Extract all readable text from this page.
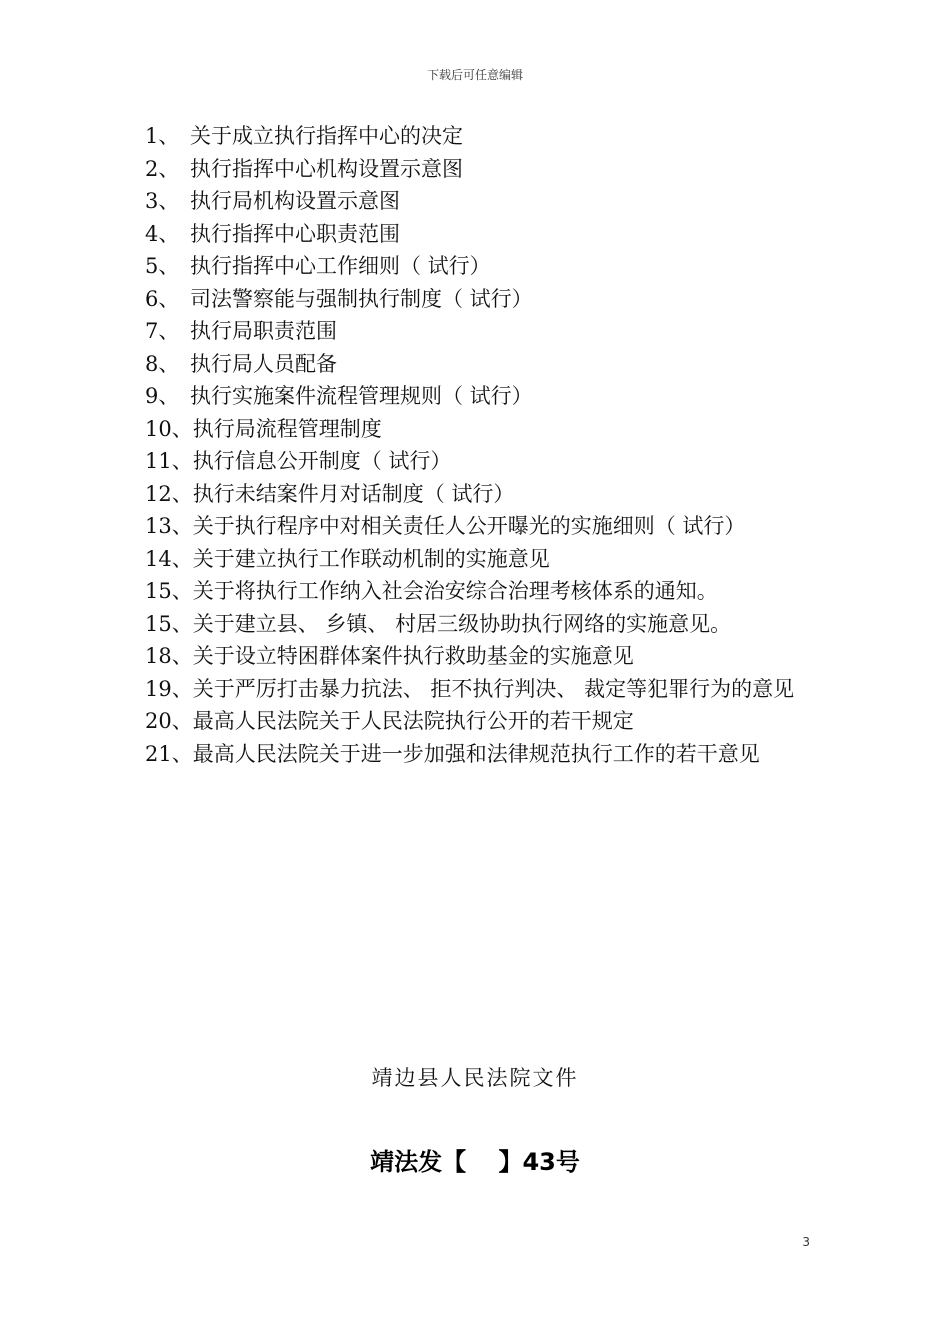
下载后可任意编辑
1、 关于成立执行指挥中心的决定
2、 执行指挥中心机构设置示意图
3、 执行局机构设置示意图
4、 执行指挥中心职责范围
5、 执行指挥中心工作细则（ 试行）
6、 司法警察能与强制执行制度（ 试行）
7、 执行局职责范围
8、 执行局人员配备
9、 执行实施案件流程管理规则（ 试行）
10、执行局流程管理制度
11、执行信息公开制度（ 试行）
12、执行未结案件月对话制度（ 试行）
13、关于执行程序中对相关责任人公开曝光的实施细则（ 试行）
14、关于建立执行工作联动机制的实施意见
15、关于将执行工作纳入社会治安综合治理考核体系的通知。
15、关于建立县、 乡镇、 村居三级协助执行网络的实施意见。
18、关于设立特困群体案件执行救助基金的实施意见
19、关于严厉打击暴力抗法、 拒不执行判决、 裁定等犯罪行为的意见
20、最高人民法院关于人民法院执行公开的若干规定
21、最高人民法院关于进一步加强和法律规范执行工作的若干意见
靖边县人民法院文件
靖法发【　 】43号
3
